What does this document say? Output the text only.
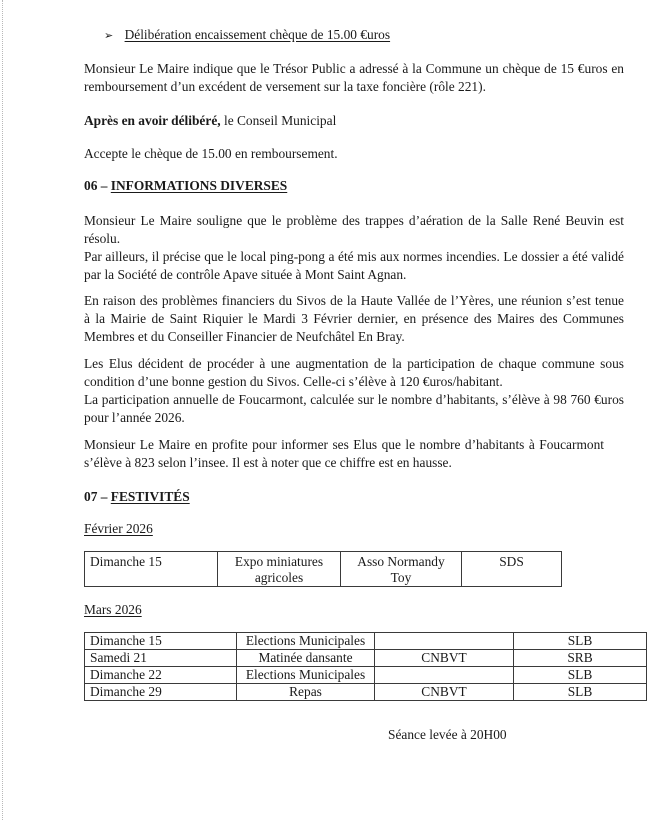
➢ Délibération encaissement chèque de 15.00 €uros
Monsieur Le Maire indique que le Trésor Public a adressé à la Commune un chèque de 15 €uros en
remboursement d’un excédent de versement sur la taxe foncière (rôle 221).
Après en avoir délibéré, le Conseil Municipal
Accepte le chèque de 15.00 en remboursement.
06 – INFORMATIONS DIVERSES
Monsieur Le Maire souligne que le problème des trappes d’aération de la Salle René Beuvin est
résolu.
Par ailleurs, il précise que le local ping-pong a été mis aux normes incendies. Le dossier a été validé
par la Société de contrôle Apave située à Mont Saint Agnan.
En raison des problèmes financiers du Sivos de la Haute Vallée de l’Yères, une réunion s’est tenue
à la Mairie de Saint Riquier le Mardi 3 Février dernier, en présence des Maires des Communes
Membres et du Conseiller Financier de Neufchâtel En Bray.
Les Elus décident de procéder à une augmentation de la participation de chaque commune sous
condition d’une bonne gestion du Sivos. Celle-ci s’élève à 120 €uros/habitant.
La participation annuelle de Foucarmont, calculée sur le nombre d’habitants, s’élève à 98 760 €uros
pour l’année 2026.
Monsieur Le Maire en profite pour informer ses Elus que le nombre d’habitants à Foucarmont
s’élève à 823 selon l’insee. Il est à noter que ce chiffre est en hausse.
07 – FESTIVITÉS
Février 2026
Dimanche 15	Expo miniatures agricoles	Asso Normandy Toy	SDS
Mars 2026
Dimanche 15	Elections Municipales		SLB
Samedi 21	Matinée dansante	CNBVT	SRB
Dimanche 22	Elections Municipales		SLB
Dimanche 29	Repas	CNBVT	SLB
Séance levée à 20H00
